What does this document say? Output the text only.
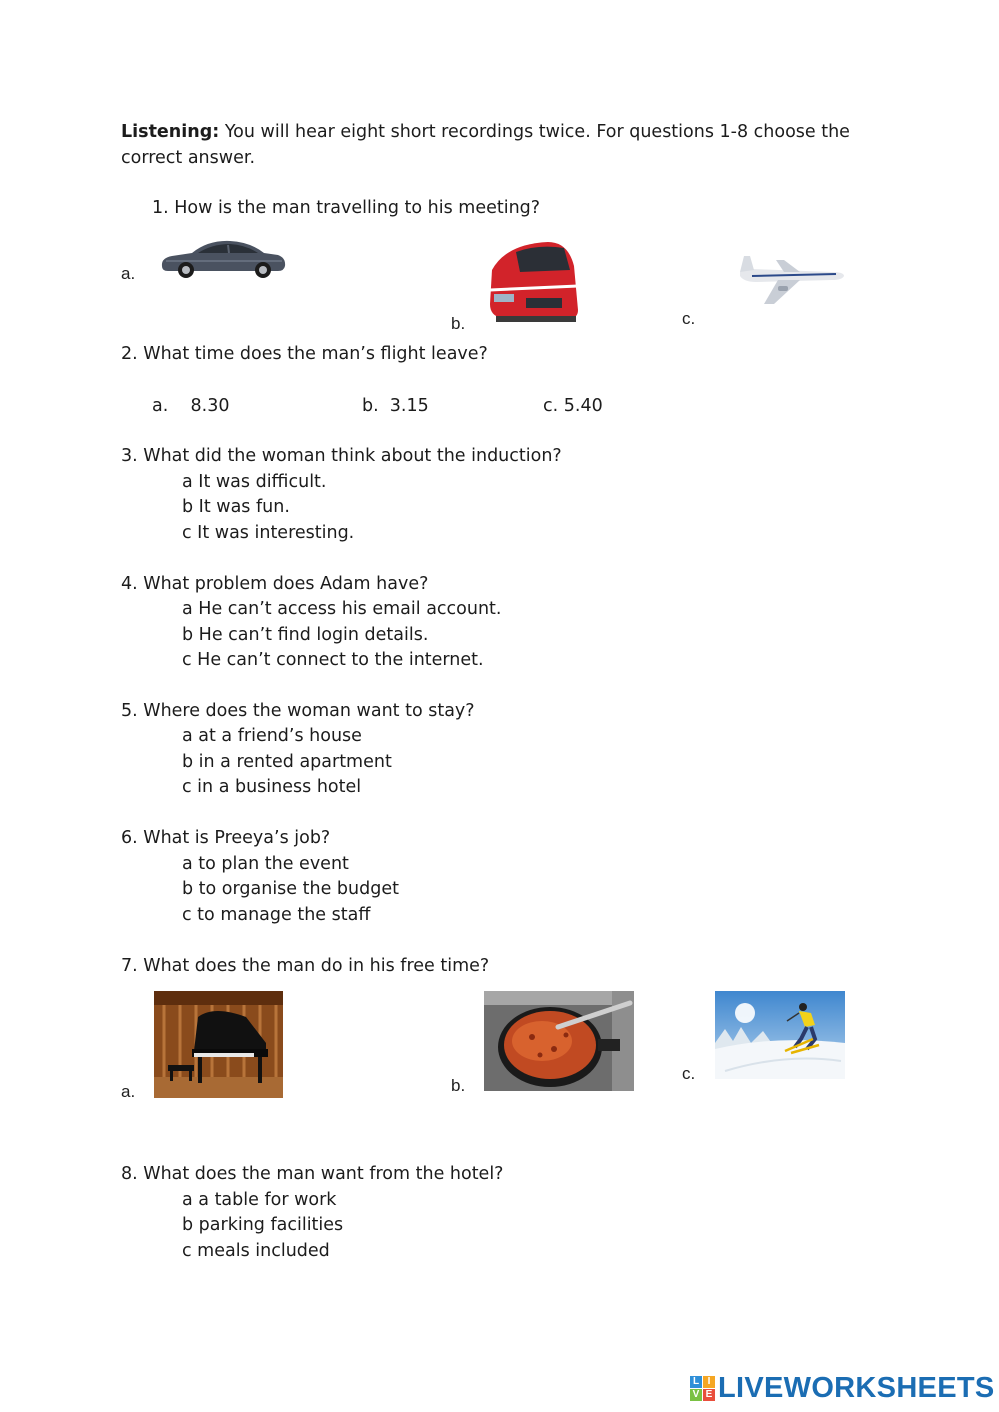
Listening: You will hear eight short recordings twice. For questions 1-8 choose the correct answer.
1. How is the man travelling to his meeting?
a.
b.	c.
2. What time does the man’s flight leave?
a.    8.30	b.  3.15	c. 5.40
3. What did the woman think about the induction?
a It was difficult.
b It was fun.
c It was interesting.
4. What problem does Adam have?
a He can’t access his email account.
b He can’t find login details.
c He can’t connect to the internet.
5. Where does the woman want to stay?
a at a friend’s house
b in a rented apartment
c in a business hotel
6. What is Preeya’s job?
a to plan the event
b to organise the budget
c to manage the staff
7. What does the man do in his free time?
a.	b.
c.
8. What does the man want from the hotel?
a a table for work
b parking facilities
c meals included
L I
V E LIVEWORKSHEETS
